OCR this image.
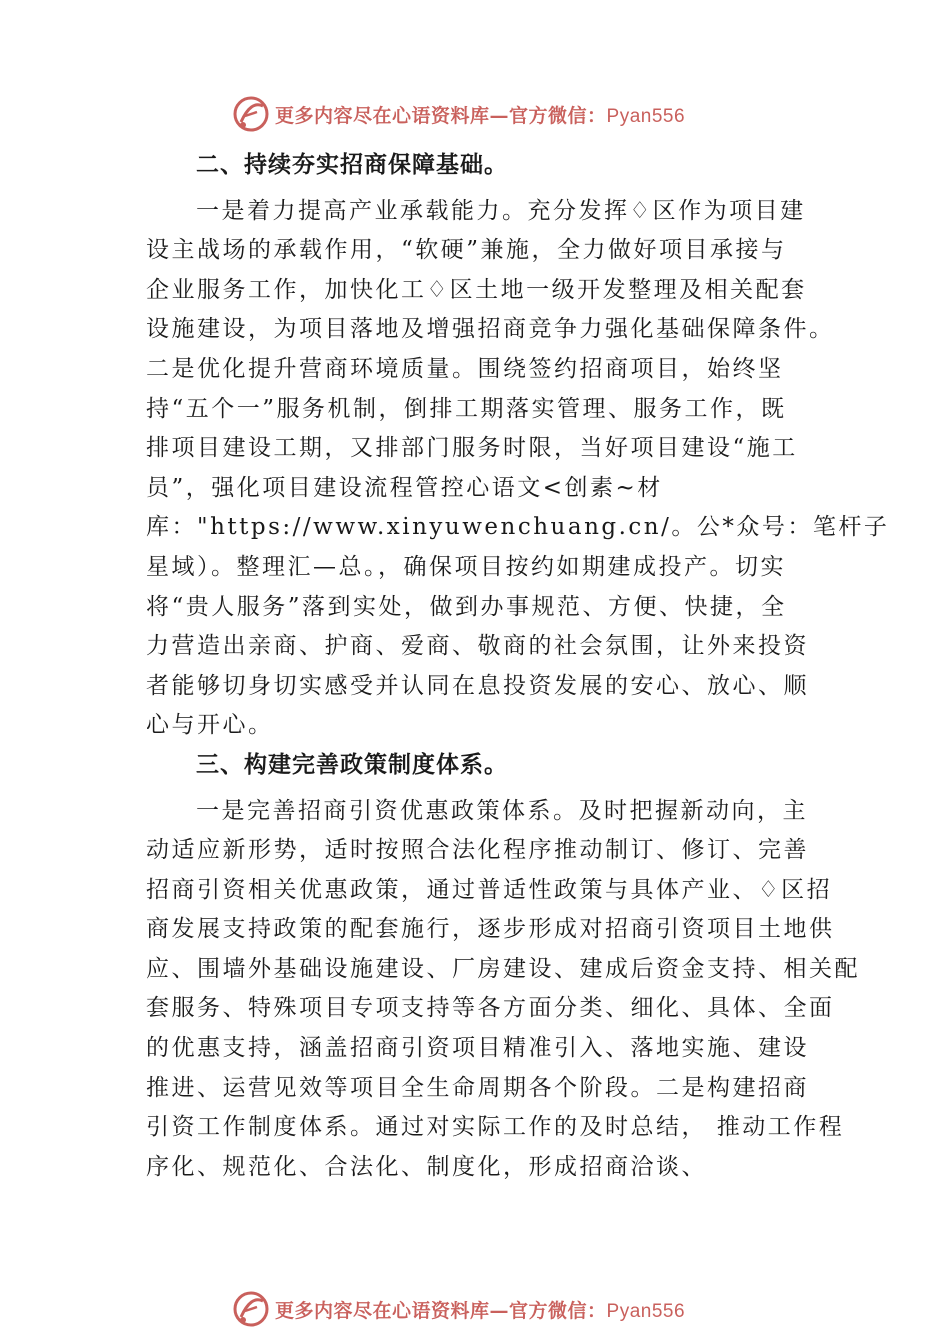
更多内容尽在心语资料库—官方微信：Pyan556
二、持续夯实招商保障基础。
一是着力提高产业承载能力。充分发挥♢区作为项目建
设主战场的承载作用，“软硬”兼施，全力做好项目承接与
企业服务工作，加快化工♢区土地一级开发整理及相关配套
设施建设，为项目落地及增强招商竞争力强化基础保障条件。
二是优化提升营商环境质量。围绕签约招商项目，始终坚
持“五个一”服务机制，倒排工期落实管理、服务工作，既
排项目建设工期，又排部门服务时限，当好项目建设“施工
员”，强化项目建设流程管控心语文<创素~材
库："https://www.xinyuwenchuang.cn/。公*众号：笔杆子
星域）。整理汇—总。，确保项目按约如期建成投产。切实
将“贵人服务”落到实处，做到办事规范、方便、快捷，全
力营造出亲商、护商、爱商、敬商的社会氛围，让外来投资
者能够切身切实感受并认同在息投资发展的安心、放心、顺
心与开心。
三、构建完善政策制度体系。
一是完善招商引资优惠政策体系。及时把握新动向，主
动适应新形势，适时按照合法化程序推动制订、修订、完善
招商引资相关优惠政策，通过普适性政策与具体产业、♢区招
商发展支持政策的配套施行，逐步形成对招商引资项目土地供
应、围墙外基础设施建设、厂房建设、建成后资金支持、相关配
套服务、特殊项目专项支持等各方面分类、细化、具体、全面
的优惠支持，涵盖招商引资项目精准引入、落地实施、建设
推进、运营见效等项目全生命周期各个阶段。二是构建招商
引资工作制度体系。通过对实际工作的及时总结， 推动工作程
序化、规范化、合法化、制度化，形成招商洽谈、
更多内容尽在心语资料库—官方微信：Pyan556
